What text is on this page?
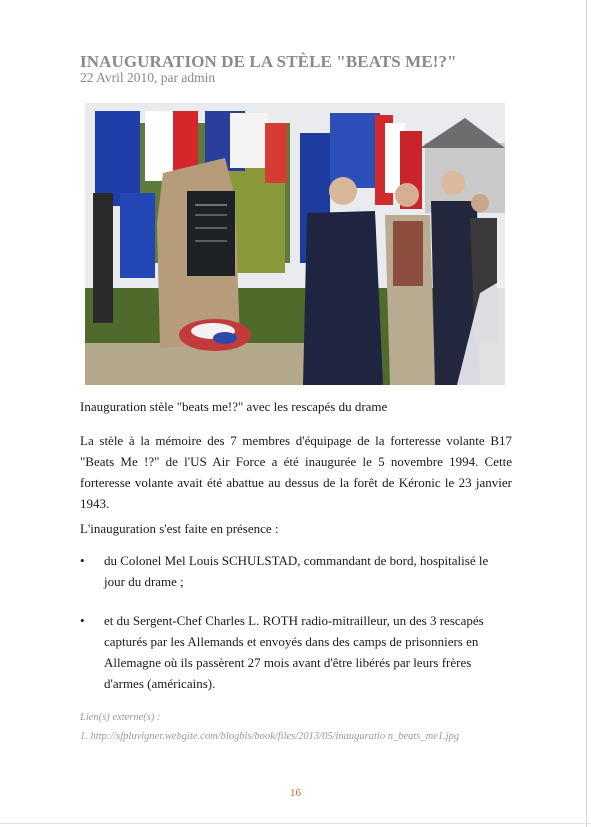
INAUGURATION DE LA STÈLE "BEATS ME!?"
22 Avril 2010, par admin
Inauguration stèle "beats me!?" avec les rescapés du drame

La stèle à la mémoire des 7 membres d'équipage de la forteresse volante B17 "Beats Me !?" de l'US Air Force a été inaugurée le 5 novembre 1994. Cette forteresse volante avait été abattue au dessus de la forêt de Kéronic le 23 janvier 1943.

L'inauguration s'est faite en présence :

• du Colonel Mel Louis SCHULSTAD, commandant de bord, hospitalisé le jour du drame ;
• et du Sergent-Chef Charles L. ROTH radio-mitrailleur, un des 3 rescapés capturés par les Allemands et envoyés dans des camps de prisonniers en Allemagne où ils passèrent 27 mois avant d'être libérés par leurs frères d'armes (américains).
Lien(s) externe(s) :
1. http://sfpluvigner.webgite.com/blogbis/book/files/2013/05/inauguratio n_beats_me1.jpg
16
